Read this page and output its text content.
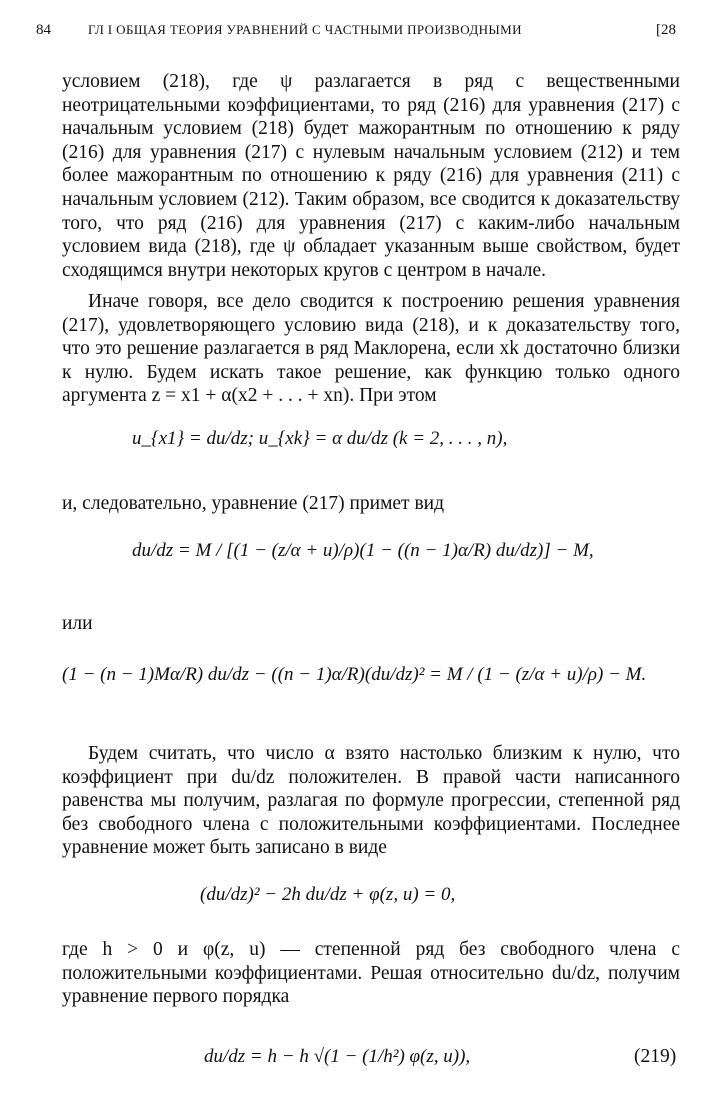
84	ГЛ I ОБЩАЯ ТЕОРИЯ УРАВНЕНИЙ С ЧАСТНЫМИ ПРОИЗВОДНЫМИ	[28

условием (218), где ψ разлагается в ряд с вещественными неотрицательными коэффициентами, то ряд (216) для уравнения (217) с начальным условием (218) будет мажорантным по отношению к ряду (216) для уравнения (217) с нулевым начальным условием (212) и тем более мажорантным по отношению к ряду (216) для уравнения (211) с начальным условием (212). Таким образом, все сводится к доказательству того, что ряд (216) для уравнения (217) с каким-либо начальным условием вида (218), где ψ обладает указанным выше свойством, будет сходящимся внутри некоторых кругов с центром в начале.

Иначе говоря, все дело сводится к построению решения уравнения (217), удовлетворяющего условию вида (218), и к доказательству того, что это решение разлагается в ряд Маклорена, если xk достаточно близки к нулю. Будем искать такое решение, как функцию только одного аргумента z = x1 + α(x2 + . . . + xn). При этом

u_{x1} = du/dz; u_{xk} = α du/dz (k = 2, . . . , n),

и, следовательно, уравнение (217) примет вид

du/dz = M / [(1 − (z/α + u)/ρ)(1 − ((n − 1)α/R) du/dz)] − M,

или

(1 − (n − 1)Mα/R) du/dz − ((n − 1)α/R)(du/dz)² = M / (1 − (z/α + u)/ρ) − M.

Будем считать, что число α взято настолько близким к нулю, что коэффициент при du/dz положителен. В правой части написанного равенства мы получим, разлагая по формуле прогрессии, степенной ряд без свободного члена с положительными коэффициентами. Последнее уравнение может быть записано в виде

(du/dz)² − 2h du/dz + φ(z, u) = 0,

где h > 0 и φ(z, u) — степенной ряд без свободного члена с положительными коэффициентами. Решая относительно du/dz, получим уравнение первого порядка

du/dz = h − h √(1 − (1/h²) φ(z, u)),	(219)
